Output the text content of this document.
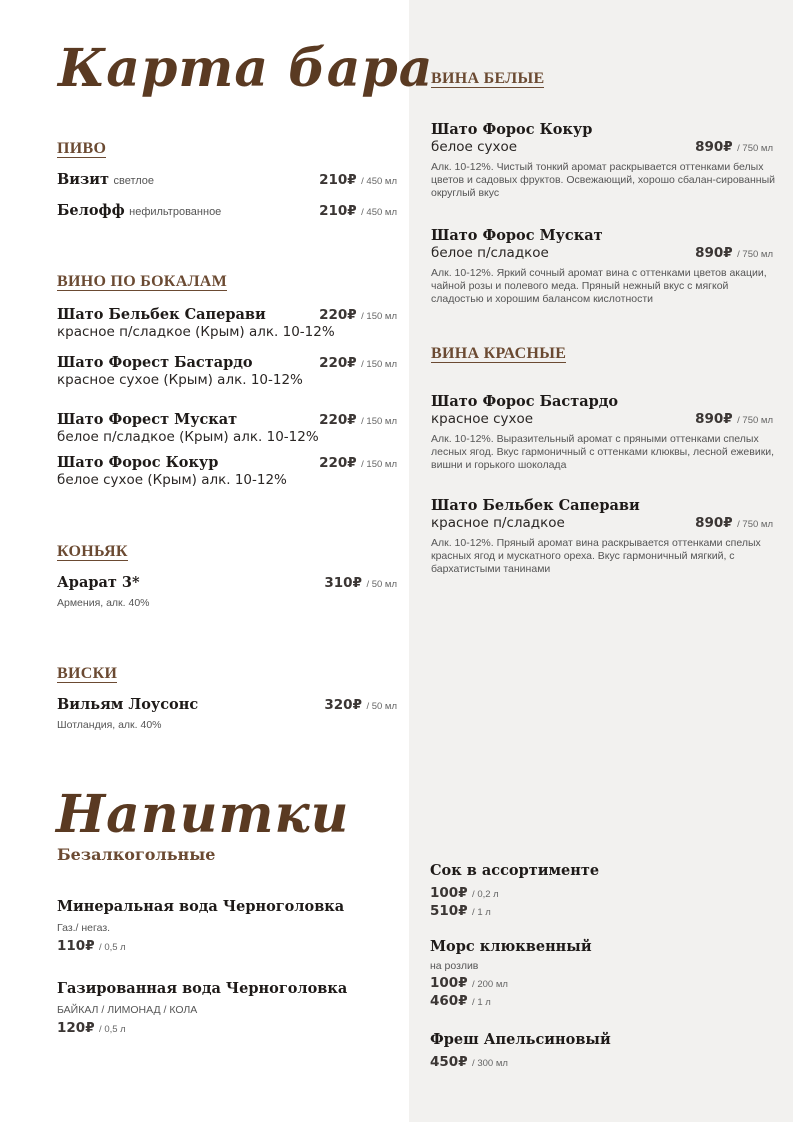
Карта бара
Напитки
ПИВО
Визит светлое	210₽ / 450 мл
Белофф нефильтрованное	210₽ / 450 мл
ВИНО ПО БОКАЛАМ
Шато Бельбек Саперави	220₽ / 150 мл
красное п/сладкое (Крым) алк. 10-12%
Шато Форест Бастардо	220₽ / 150 мл
красное сухое (Крым) алк. 10-12%
Шато Форест Мускат	220₽ / 150 мл
белое п/сладкое (Крым) алк. 10-12%
Шато Форос Кокур	220₽ / 150 мл
белое сухое (Крым) алк. 10-12%
КОНЬЯК
Арарат 3*	310₽ / 50 мл
Армения, алк. 40%
ВИСКИ
Вильям Лоусонс	320₽ / 50 мл
Шотландия, алк. 40%
ВИНА БЕЛЫЕ
Шато Форос Кокур
белое сухое	890₽ / 750 мл
Алк. 10-12%. Чистый тонкий аромат раскрывается оттенками белых цветов и садовых фруктов. Освежающий, хорошо сбалан-сированный округлый вкус
Шато Форос Мускат
белое п/сладкое	890₽ / 750 мл
Алк. 10-12%. Яркий сочный аромат вина с оттенками цветов акации, чайной розы и полевого меда. Пряный нежный вкус с мягкой сладостью и хорошим балансом кислотности
ВИНА КРАСНЫЕ
Шато Форос Бастардо
красное сухое	890₽ / 750 мл
Алк. 10-12%. Выразительный аромат с пряными оттенками спелых лесных ягод. Вкус гармоничный с оттенками клюквы, лесной ежевики, вишни и горького шоколада
Шато Бельбек Саперави
красное п/сладкое	890₽ / 750 мл
Алк. 10-12%. Пряный аромат вина раскрывается оттенками спелых красных ягод и мускатного ореха. Вкус гармоничный мягкий, с бархатистыми танинами
Безалкогольные
Минеральная вода Черноголовка
Газ./ негаз.
110₽ / 0,5 л
Газированная вода Черноголовка
БАЙКАЛ / ЛИМОНАД / КОЛА
120₽ / 0,5 л
Сок в ассортименте
100₽ / 0,2 л
510₽ / 1 л
Морс клюквенный
на розлив
100₽ / 200 мл
460₽ / 1 л
Фреш Апельсиновый
450₽ / 300 мл
